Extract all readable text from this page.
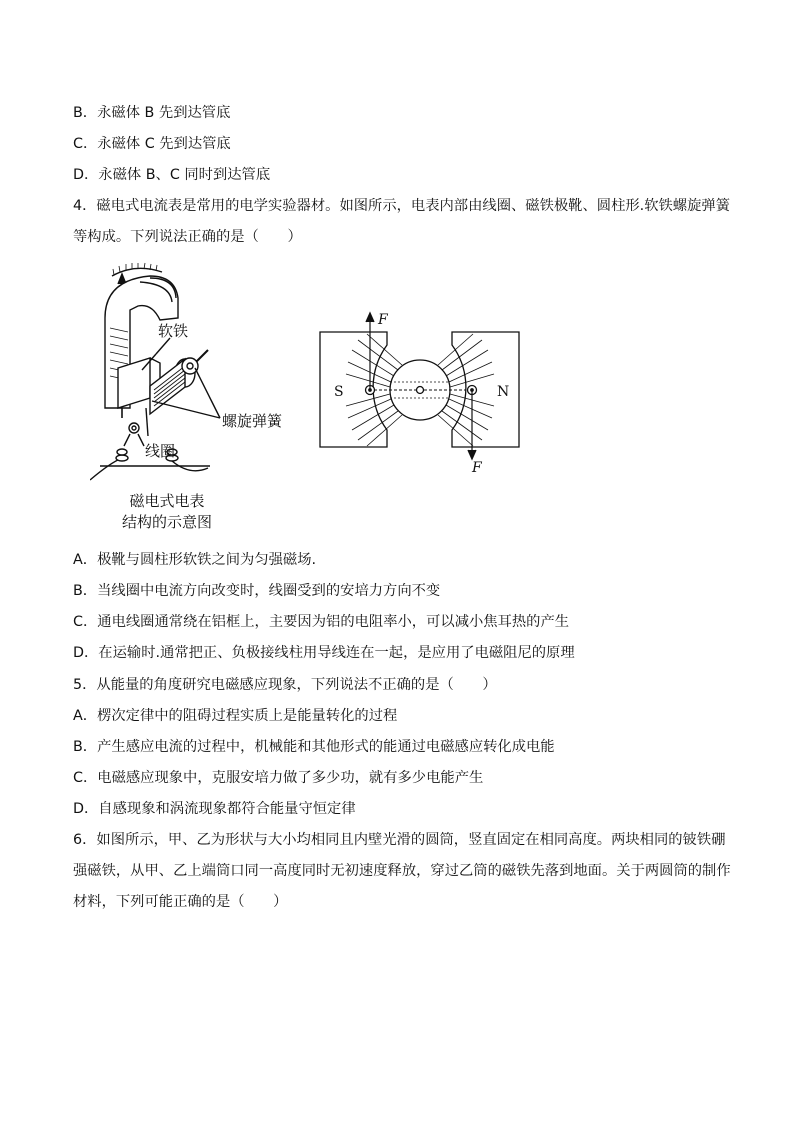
B．永磁体 B 先到达管底
C．永磁体 C 先到达管底
D．永磁体 B、C 同时到达管底
4．磁电式电流表是常用的电学实验器材。如图所示，电表内部由线圈、磁铁极靴、圆柱形.软铁螺旋弹簧
等构成。下列说法正确的是（　　）
软铁
螺旋弹簧
线圈
磁电式电表
结构的示意图
S	N
F
F
A．极靴与圆柱形软铁之间为匀强磁场.
B．当线圈中电流方向改变时，线圈受到的安培力方向不变
C．通电线圈通常绕在铝框上，主要因为铝的电阻率小，可以减小焦耳热的产生
D．在运输时.通常把正、负极接线柱用导线连在一起，是应用了电磁阻尼的原理
5．从能量的角度研究电磁感应现象，下列说法不正确的是（　　）
A．楞次定律中的阻碍过程实质上是能量转化的过程
B．产生感应电流的过程中，机械能和其他形式的能通过电磁感应转化成电能
C．电磁感应现象中，克服安培力做了多少功，就有多少电能产生
D．自感现象和涡流现象都符合能量守恒定律
6．如图所示，甲、乙为形状与大小均相同且内壁光滑的圆筒，竖直固定在相同高度。两块相同的铍铁硼
强磁铁，从甲、乙上端筒口同一高度同时无初速度释放，穿过乙筒的磁铁先落到地面。关于两圆筒的制作
材料，下列可能正确的是（　　）
